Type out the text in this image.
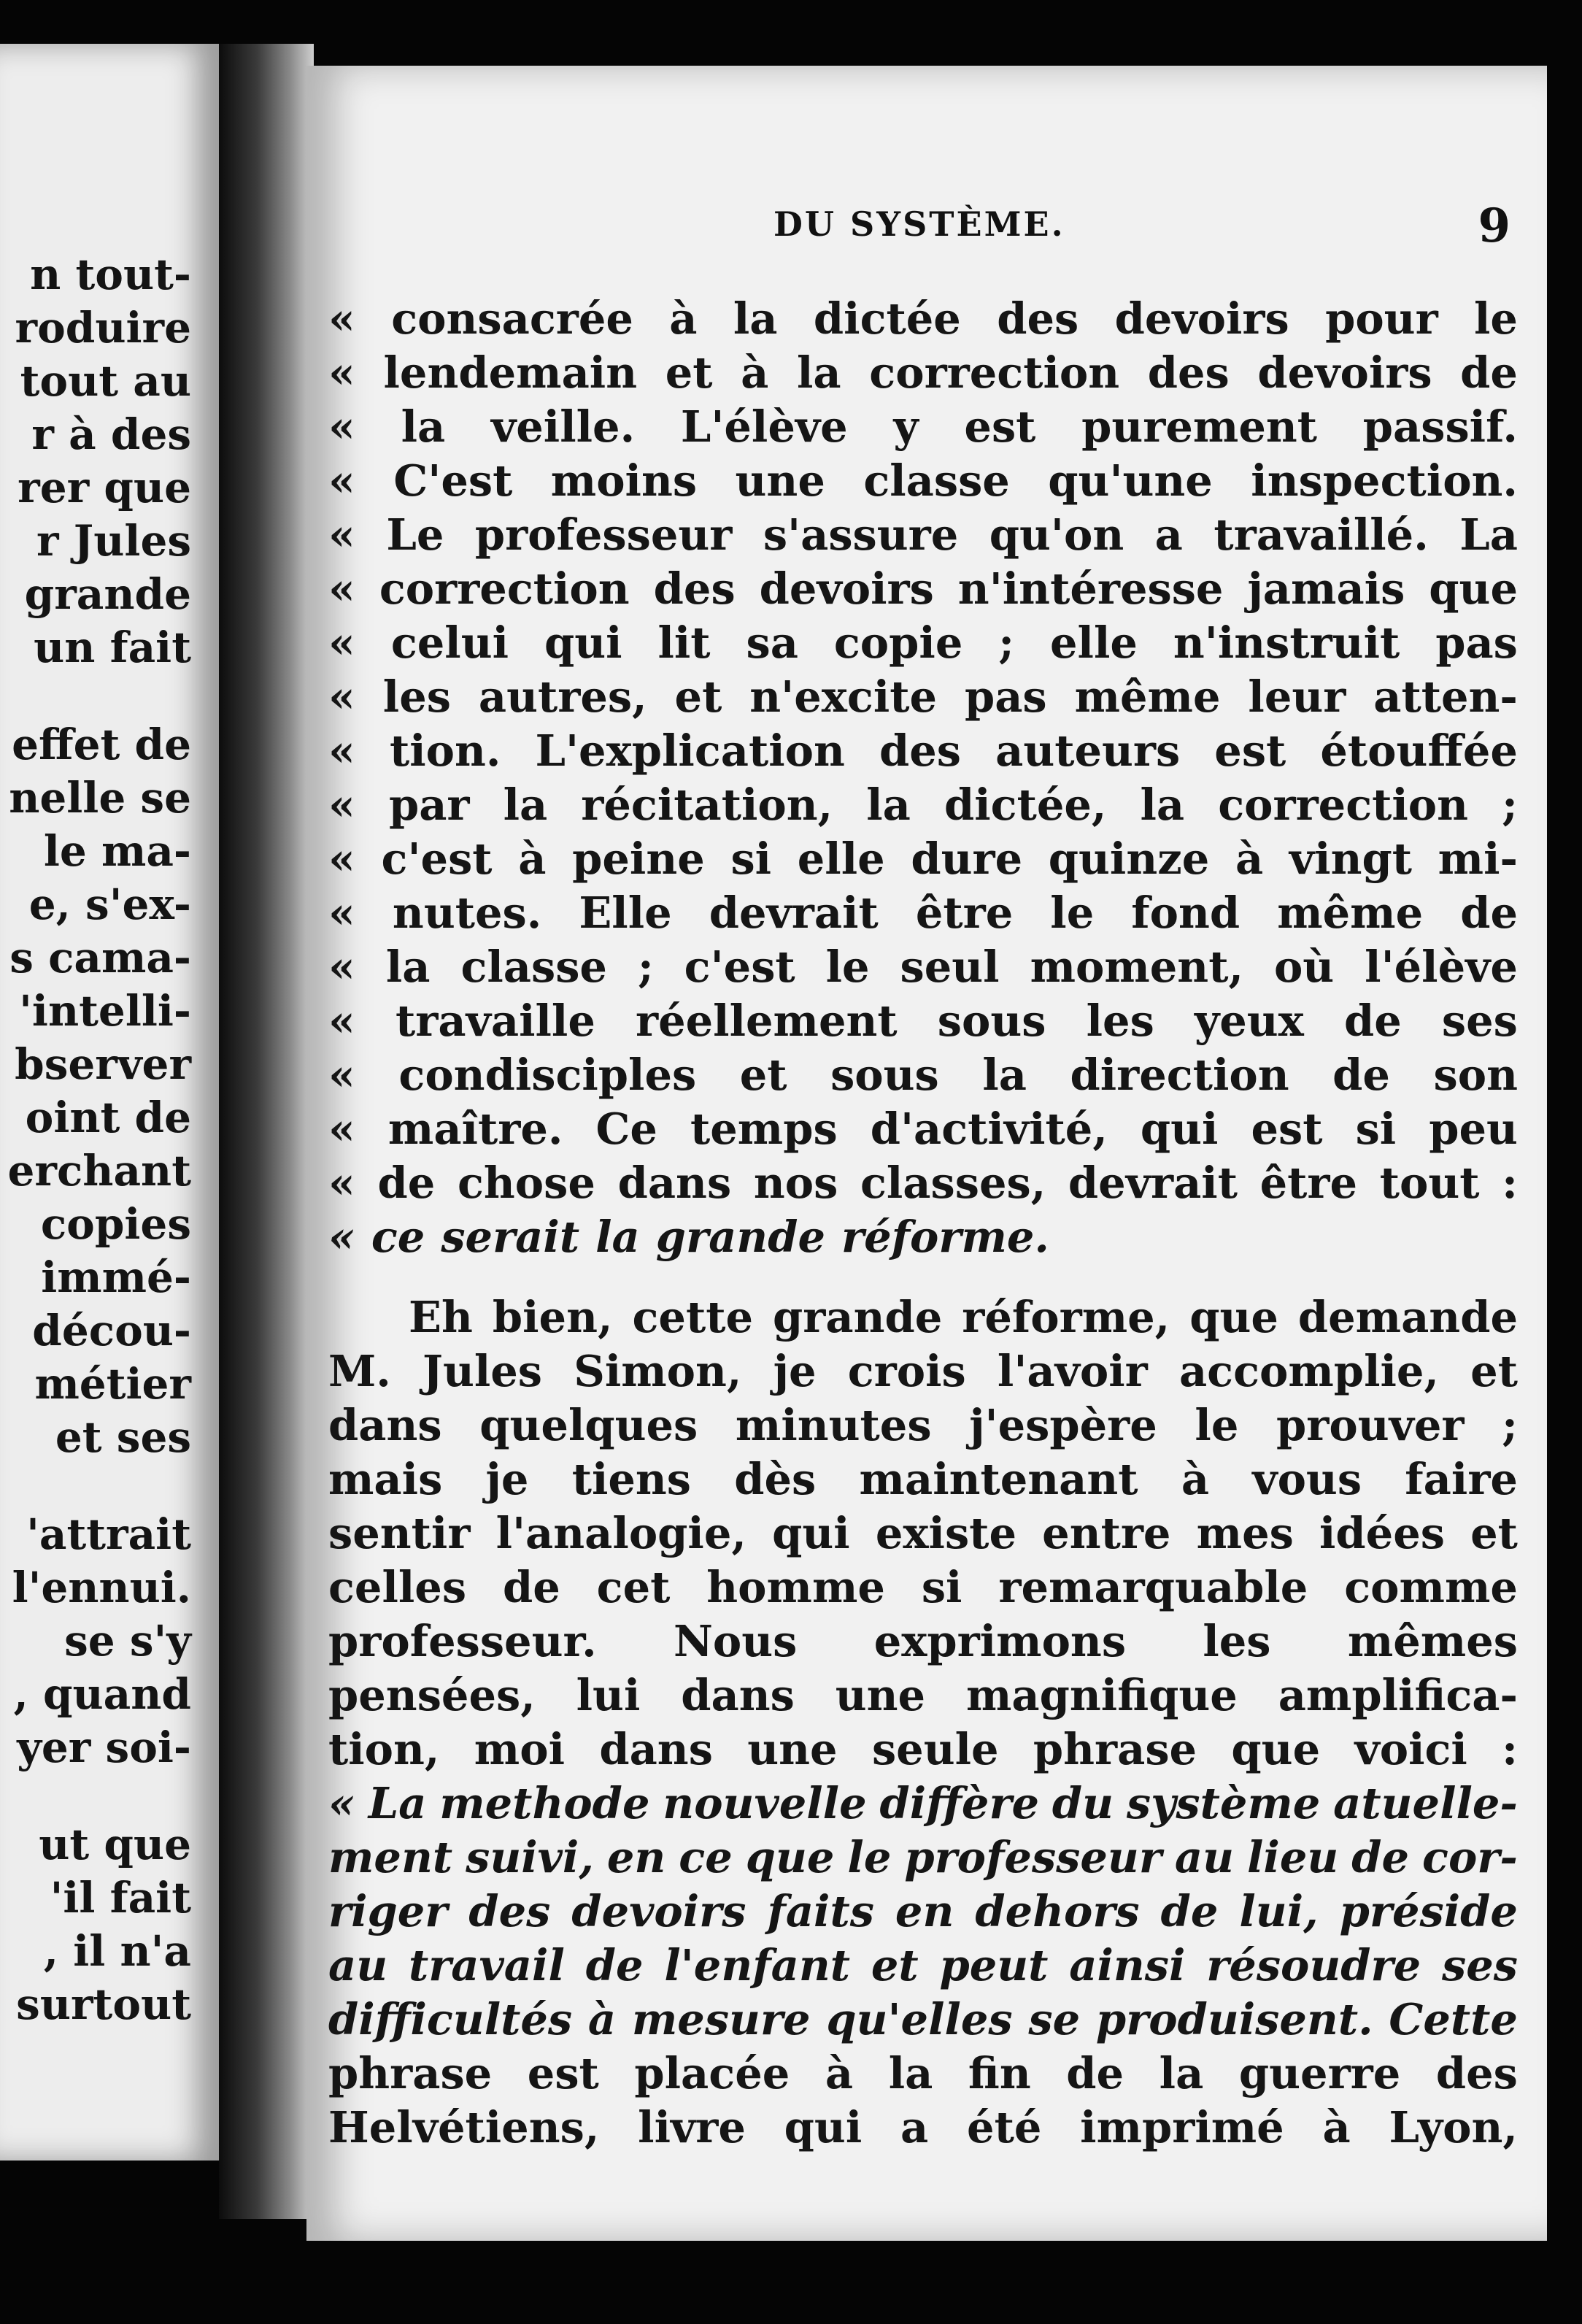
n tout-
roduire
tout au
r à des
rer que
r Jules
grande
un fait
effet de
nelle se
le ma-
e, s'ex-
s cama-
'intelli-
bserver
oint de
erchant
copies
immé-
décou-
métier
et ses
'attrait
l'ennui.
se s'y
, quand
yer soi-
ut que
'il fait
, il n'a
surtout
DU SYSTÈME.	9
« consacrée à la dictée des devoirs pour le
« lendemain et à la correction des devoirs de
« la veille. L'élève y est purement passif.
« C'est moins une classe qu'une inspection.
« Le professeur s'assure qu'on a travaillé. La
« correction des devoirs n'intéresse jamais que
« celui qui lit sa copie ; elle n'instruit pas
« les autres, et n'excite pas même leur atten-
« tion. L'explication des auteurs est étouffée
« par la récitation, la dictée, la correction ;
« c'est à peine si elle dure quinze à vingt mi-
« nutes. Elle devrait être le fond même de
« la classe ; c'est le seul moment, où l'élève
« travaille réellement sous les yeux de ses
« condisciples et sous la direction de son
« maître. Ce temps d'activité, qui est si peu
« de chose dans nos classes, devrait être tout :
« ce serait la grande réforme.
Eh bien, cette grande réforme, que demande
M. Jules Simon, je crois l'avoir accomplie, et
dans quelques minutes j'espère le prouver ;
mais je tiens dès maintenant à vous faire
sentir l'analogie, qui existe entre mes idées et
celles de cet homme si remarquable comme
professeur. Nous exprimons les mêmes
pensées, lui dans une magnifique amplifica-
tion, moi dans une seule phrase que voici :
« La methode nouvelle diffère du système atuelle-
ment suivi, en ce que le professeur au lieu de cor-
riger des devoirs faits en dehors de lui, préside
au travail de l'enfant et peut ainsi résoudre ses
difficultés à mesure qu'elles se produisent. Cette
phrase est placée à la fin de la guerre des
Helvétiens, livre qui a été imprimé à Lyon,
